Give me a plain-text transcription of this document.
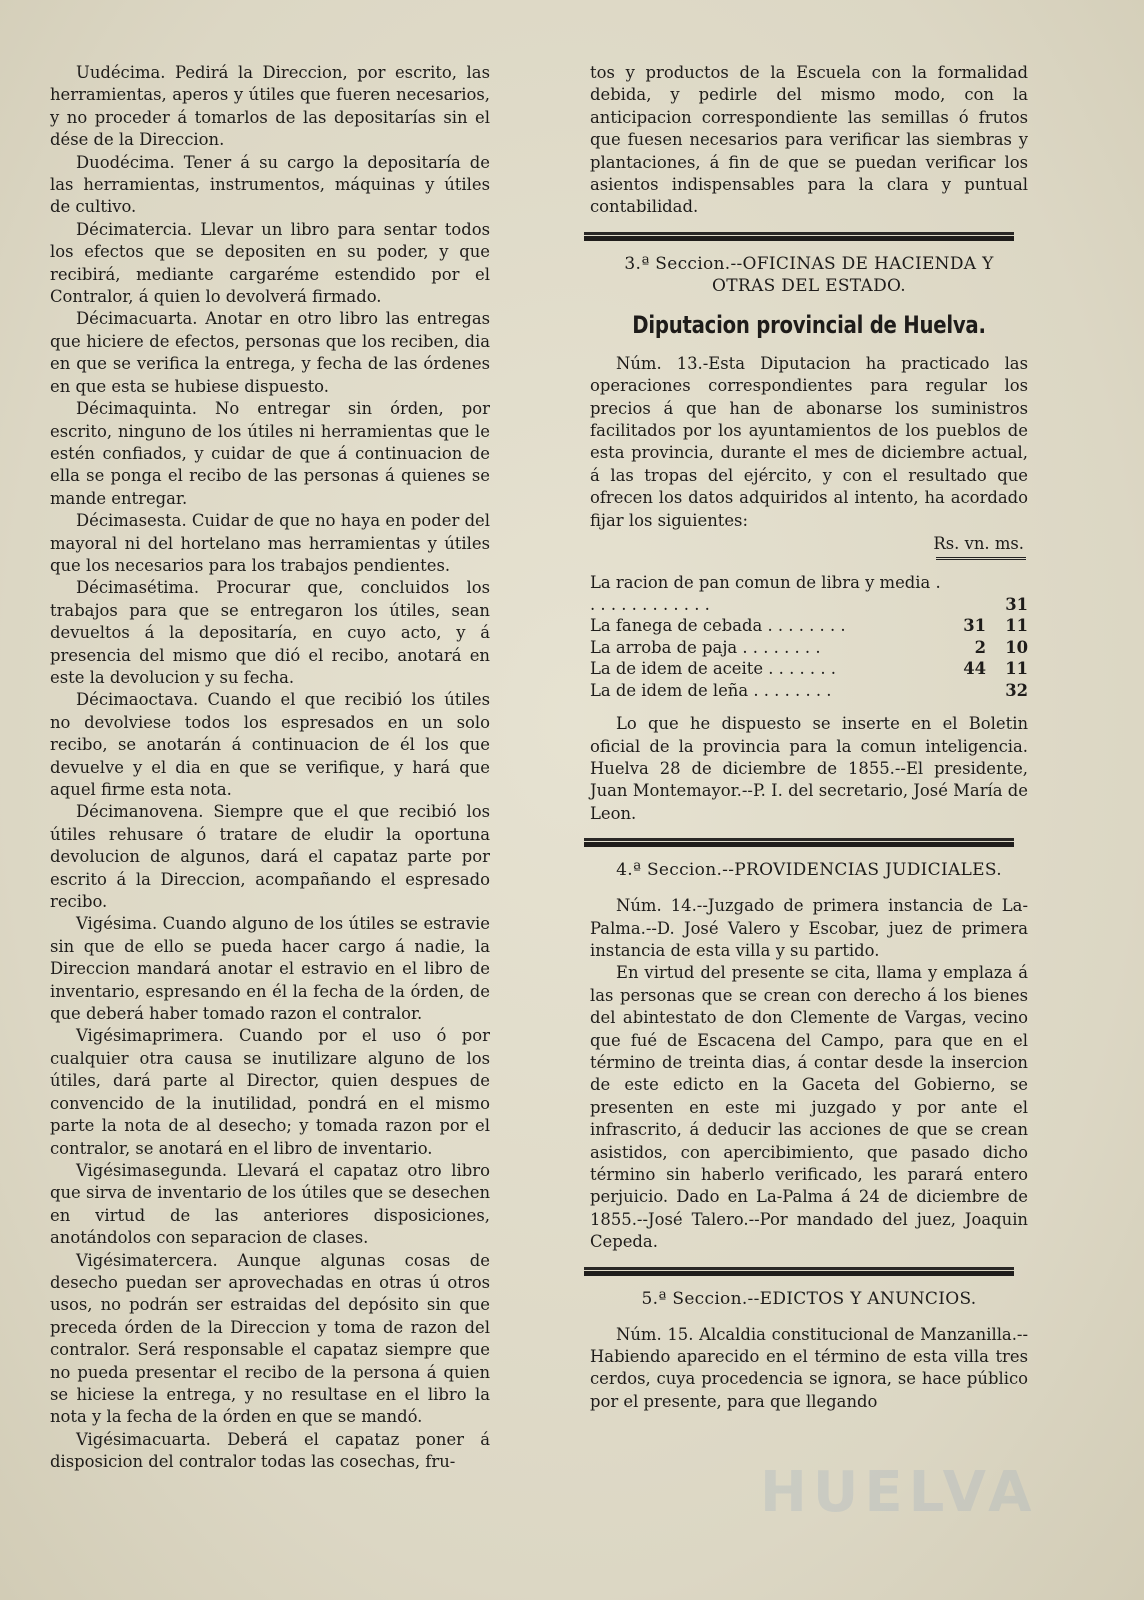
Uudécima. Pedirá la Direccion, por escrito, las herramientas, aperos y útiles que fueren necesarios, y no proceder á tomarlos de las depositarías sin el dése de la Direccion.

Duodécima. Tener á su cargo la depositaría de las herramientas, instrumentos, máquinas y útiles de cultivo.

Décimatercia. Llevar un libro para sentar todos los efectos que se depositen en su poder, y que recibirá, mediante cargaréme estendido por el Contralor, á quien lo devolverá firmado.

Décimacuarta. Anotar en otro libro las entregas que hiciere de efectos, personas que los reciben, dia en que se verifica la entrega, y fecha de las órdenes en que esta se hubiese dispuesto.

Décimaquinta. No entregar sin órden, por escrito, ninguno de los útiles ni herramientas que le estén confiados, y cuidar de que á continuacion de ella se ponga el recibo de las personas á quienes se mande entregar.

Décimasesta. Cuidar de que no haya en poder del mayoral ni del hortelano mas herramientas y útiles que los necesarios para los trabajos pendientes.

Décimasétima. Procurar que, concluidos los trabajos para que se entregaron los útiles, sean devueltos á la depositaría, en cuyo acto, y á presencia del mismo que dió el recibo, anotará en este la devolucion y su fecha.

Décimaoctava. Cuando el que recibió los útiles no devolviese todos los espresados en un solo recibo, se anotarán á continuacion de él los que devuelve y el dia en que se verifique, y hará que aquel firme esta nota.

Décimanovena. Siempre que el que recibió los útiles rehusare ó tratare de eludir la oportuna devolucion de algunos, dará el capataz parte por escrito á la Direccion, acompañando el espresado recibo.

Vigésima. Cuando alguno de los útiles se estravie sin que de ello se pueda hacer cargo á nadie, la Direccion mandará anotar el estravio en el libro de inventario, espresando en él la fecha de la órden, de que deberá haber tomado razon el contralor.

Vigésimaprimera. Cuando por el uso ó por cualquier otra causa se inutilizare alguno de los útiles, dará parte al Director, quien despues de convencido de la inutilidad, pondrá en el mismo parte la nota de al desecho; y tomada razon por el contralor, se anotará en el libro de inventario.

Vigésimasegunda. Llevará el capataz otro libro que sirva de inventario de los útiles que se desechen en virtud de las anteriores disposiciones, anotándolos con separacion de clases.

Vigésimatercera. Aunque algunas cosas de desecho puedan ser aprovechadas en otras ú otros usos, no podrán ser estraidas del depósito sin que preceda órden de la Direccion y toma de razon del contralor. Será responsable el capataz siempre que no pueda presentar el recibo de la persona á quien se hiciese la entrega, y no resultase en el libro la nota y la fecha de la órden en que se mandó.

Vigésimacuarta. Deberá el capataz poner á disposicion del contralor todas las cosechas, fru-

tos y productos de la Escuela con la formalidad debida, y pedirle del mismo modo, con la anticipacion correspondiente las semillas ó frutos que fuesen necesarios para verificar las siembras y plantaciones, á fin de que se puedan verificar los asientos indispensables para la clara y puntual contabilidad.

3.ª Seccion.--OFICINAS DE HACIENDA Y
OTRAS DEL ESTADO.
Diputacion provincial de Huelva.

Núm. 13.-Esta Diputacion ha practicado las operaciones correspondientes para regular los precios á que han de abonarse los suministros facilitados por los ayuntamientos de los pueblos de esta provincia, durante el mes de diciembre actual, á las tropas del ejército, y con el resultado que ofrecen los datos adquiridos al intento, ha acordado fijar los siguientes:

Rs. vn. ms.
La racion de pan comun de libra y media . . . . . . . . . . . . .		31
La fanega de cebada . . . . . . . .	31	11
La arroba de paja . . . . . . . .	2	10
La de idem de aceite . . . . . . .	44	11
La de idem de leña . . . . . . . .		32

Lo que he dispuesto se inserte en el Boletin oficial de la provincia para la comun inteligencia. Huelva 28 de diciembre de 1855.--El presidente, Juan Montemayor.--P. I. del secretario, José María de Leon.

4.ª Seccion.--PROVIDENCIAS JUDICIALES.

Núm. 14.--Juzgado de primera instancia de La-Palma.--D. José Valero y Escobar, juez de primera instancia de esta villa y su partido.

En virtud del presente se cita, llama y emplaza á las personas que se crean con derecho á los bienes del abintestato de don Clemente de Vargas, vecino que fué de Escacena del Campo, para que en el término de treinta dias, á contar desde la insercion de este edicto en la Gaceta del Gobierno, se presenten en este mi juzgado y por ante el infrascrito, á deducir las acciones de que se crean asistidos, con apercibimiento, que pasado dicho término sin haberlo verificado, les parará entero perjuicio. Dado en La-Palma á 24 de diciembre de 1855.--José Talero.--Por mandado del juez, Joaquin Cepeda.

5.ª Seccion.--EDICTOS Y ANUNCIOS.

Núm. 15. Alcaldia constitucional de Manzanilla.--Habiendo aparecido en el término de esta villa tres cerdos, cuya procedencia se ignora, se hace público por el presente, para que llegando

HUELVA
